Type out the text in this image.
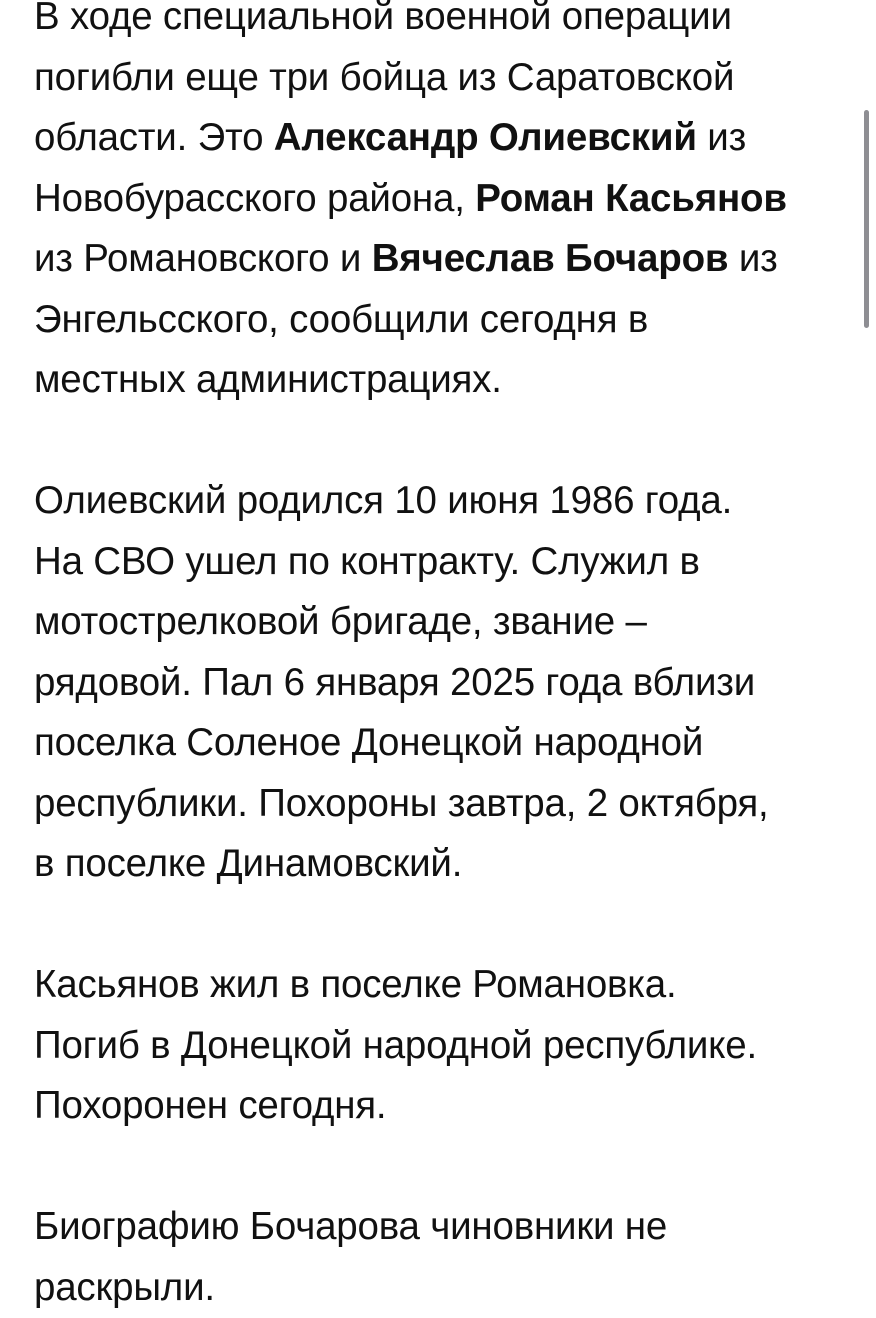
В ходе специальной военной операции
погибли еще три бойца из Саратовской
области. Это Александр Олиевский из
Новобурасского района, Роман Касьянов
из Романовского и Вячеслав Бочаров из
Энгельсского, сообщили сегодня в
местных администрациях.

Олиевский родился 10 июня 1986 года.
На СВО ушел по контракту. Служил в
мотострелковой бригаде, звание –
рядовой. Пал 6 января 2025 года вблизи
поселка Соленое Донецкой народной
республики. Похороны завтра, 2 октября,
в поселке Динамовский.

Касьянов жил в поселке Романовка.
Погиб в Донецкой народной республике.
Похоронен сегодня.

Биографию Бочарова чиновники не
раскрыли.
